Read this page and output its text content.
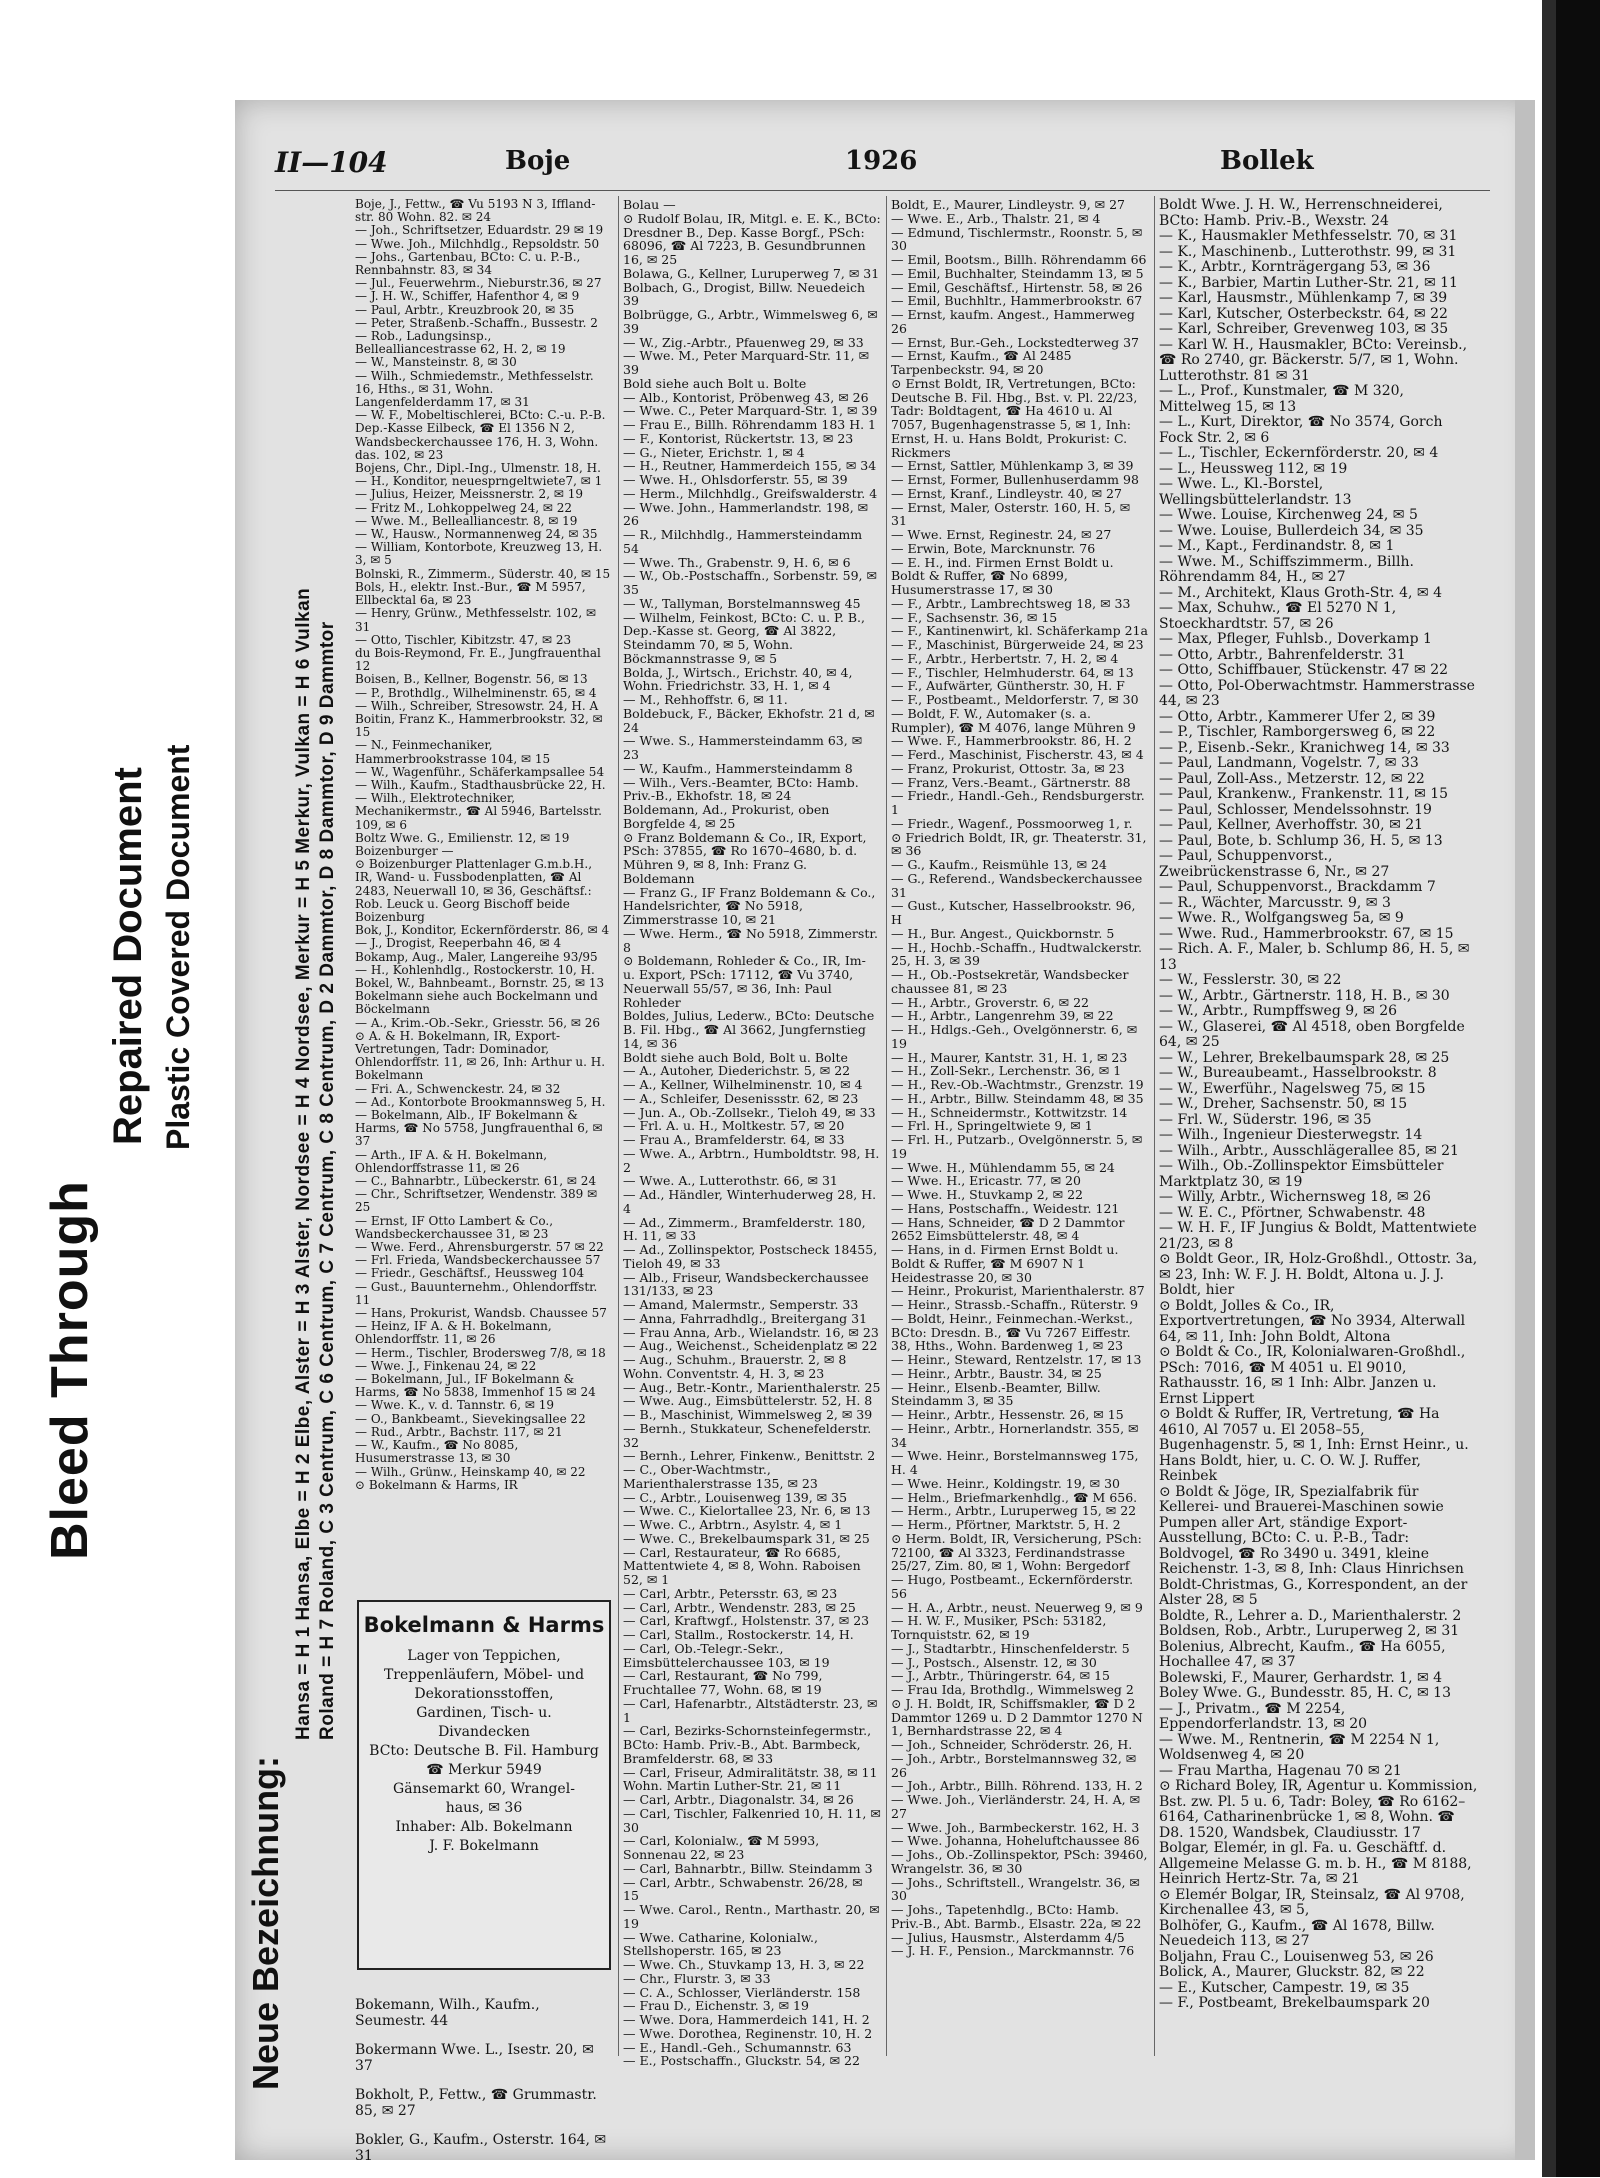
Bleed Through
Repaired Document Plastic Covered Document
II—104	Boje	1926	Bollek
Neue Bezeichnung:
Hansa = H 1 Hansa, Elbe = H 2 Elbe, Alster = H 3 Alster, Nordsee = H 4 Nordsee, Merkur = H 5 Merkur, Vulkan = H 6 Vulkan Roland = H 7 Roland, C 3 Centrum, C 6 Centrum, C 7 Centrum, C 8 Centrum, D 2 Dammtor, D 8 Dammtor, D 9 Dammtor

Boje, J., Fettw., ☎ Vu 5193 N 3, Iffland-str. 80 Wohn. 82. ✉ 24

— Joh., Schriftsetzer, Eduardstr. 29 ✉ 19

— Wwe. Joh., Milchhdlg., Repsoldstr. 50

— Johs., Gartenbau, BCto: C. u. P.-B., Rennbahnstr. 83, ✉ 34

— Jul., Feuerwehrm., Nieburstr.36, ✉ 27

— J. H. W., Schiffer, Hafenthor 4, ✉ 9

— Paul, Arbtr., Kreuzbrook 20, ✉ 35

— Peter, Straßenb.-Schaffn., Bussestr. 2

— Rob., Ladungsinsp., Bellealliancestrasse 62, H. 2, ✉ 19

— W., Mansteinstr. 8, ✉ 30

— Wilh., Schmiedemstr., Methfesselstr. 16, Hths., ✉ 31, Wohn. Langenfelderdamm 17, ✉ 31

— W. F., Mobeltischlerei, BCto: C.-u. P.-B. Dep.-Kasse Eilbeck, ☎ El 1356 N 2, Wandsbeckerchaussee 176, H. 3, Wohn. das. 102, ✉ 23

Bojens, Chr., Dipl.-Ing., Ulmenstr. 18, H.

— H., Konditor, neuesprngeltwiete7, ✉ 1

— Julius, Heizer, Meissnerstr. 2, ✉ 19

— Fritz M., Lohkoppelweg 24, ✉ 22

— Wwe. M., Bellealliancestr. 8, ✉ 19

— W., Hausw., Normannenweg 24, ✉ 35

— William, Kontorbote, Kreuzweg 13, H. 3, ✉ 5

Bolnski, R., Zimmerm., Süderstr. 40, ✉ 15

Bols, H., elektr. Inst.-Bur., ☎ M 5957, Ellbecktal 6a, ✉ 23

— Henry, Grünw., Methfesselstr. 102, ✉ 31

— Otto, Tischler, Kibitzstr. 47, ✉ 23

du Bois-Reymond, Fr. E., Jungfrauenthal 12

Boisen, B., Kellner, Bogenstr. 56, ✉ 13

— P., Brothdlg., Wilhelminenstr. 65, ✉ 4

— Wilh., Schreiber, Stresowstr. 24, H. A

Boitin, Franz K., Hammerbrookstr. 32, ✉ 15

— N., Feinmechaniker, Hammerbrookstrasse 104, ✉ 15

— W., Wagenführ., Schäferkampsallee 54

— Wilh., Kaufm., Stadthausbrücke 22, H.

— Wilh., Elektrotechniker, Mechanikermstr., ☎ Al 5946, Bartelsstr. 109, ✉ 6

Boltz Wwe. G., Emilienstr. 12, ✉ 19

Boizenburger —

⊙ Boizenburger Plattenlager G.m.b.H., IR, Wand- u. Fussbodenplatten, ☎ Al 2483, Neuerwall 10, ✉ 36, Geschäftsf.: Rob. Leuck u. Georg Bischoff beide Boizenburg

Bok, J., Konditor, Eckernförderstr. 86, ✉ 4

— J., Drogist, Reeperbahn 46, ✉ 4

Bokamp, Aug., Maler, Langereihe 93/95

— H., Kohlenhdlg., Rostockerstr. 10, H.

Bokel, W., Bahnbeamt., Bornstr. 25, ✉ 13

Bokelmann siehe auch Bockelmann und Böckelmann

— A., Krim.-Ob.-Sekr., Griesstr. 56, ✉ 26

⊙ A. & H. Bokelmann, IR, Export-Vertretungen, Tadr: Dominador, Ohlendorffstr. 11, ✉ 26, Inh: Arthur u. H. Bokelmann

— Fri. A., Schwenckestr. 24, ✉ 32

— Ad., Kontorbote Brookmannsweg 5, H.

— Bokelmann, Alb., IF Bokelmann & Harms, ☎ No 5758, Jungfrauenthal 6, ✉ 37

— Arth., IF A. & H. Bokelmann, Ohlendorffstrasse 11, ✉ 26

— C., Bahnarbtr., Lübeckerstr. 61, ✉ 24

— Chr., Schriftsetzer, Wendenstr. 389 ✉ 25

— Ernst, IF Otto Lambert & Co., Wandsbeckerchaussee 31, ✉ 23

— Wwe. Ferd., Ahrensburgerstr. 57 ✉ 22

— Frl. Frieda, Wandsbeckerchaussee 57

— Friedr., Geschäftsf., Heussweg 104

— Gust., Bauunternehm., Ohlendorffstr. 11

— Hans, Prokurist, Wandsb. Chaussee 57

— Heinz, IF A. & H. Bokelmann, Ohlendorffstr. 11, ✉ 26

— Herm., Tischler, Brodersweg 7/8, ✉ 18

— Wwe. J., Finkenau 24, ✉ 22

— Bokelmann, Jul., IF Bokelmann & Harms, ☎ No 5838, Immenhof 15 ✉ 24

— Wwe. K., v. d. Tannstr. 6, ✉ 19

— O., Bankbeamt., Sievekingsallee 22

— Rud., Arbtr., Bachstr. 117, ✉ 21

— W., Kaufm., ☎ No 8085, Husumerstrasse 13, ✉ 30

— Wilh., Grünw., Heinskamp 40, ✉ 22

⊙ Bokelmann & Harms, IR

Bolau —

⊙ Rudolf Bolau, IR, Mitgl. e. E. K., BCto: Dresdner B., Dep. Kasse Borgf., PSch: 68096, ☎ Al 7223, B. Gesundbrunnen 16, ✉ 25

Bolawa, G., Kellner, Luruperweg 7, ✉ 31

Bolbach, G., Drogist, Billw. Neuedeich 39

Bolbrügge, G., Arbtr., Wimmelsweg 6, ✉ 39

— W., Zig.-Arbtr., Pfauenweg 29, ✉ 33

— Wwe. M., Peter Marquard-Str. 11, ✉ 39

Bold siehe auch Bolt u. Bolte

— Alb., Kontorist, Pröbenweg 43, ✉ 26

— Wwe. C., Peter Marquard-Str. 1, ✉ 39

— Frau E., Billh. Röhrendamm 183 H. 1

— F., Kontorist, Rückertstr. 13, ✉ 23

— G., Nieter, Erichstr. 1, ✉ 4

— H., Reutner, Hammerdeich 155, ✉ 34

— Wwe. H., Ohlsdorferstr. 55, ✉ 39

— Herm., Milchhdlg., Greifswalderstr. 4

— Wwe. John., Hammerlandstr. 198, ✉ 26

— R., Milchhdlg., Hammersteindamm 54

— Wwe. Th., Grabenstr. 9, H. 6, ✉ 6

— W., Ob.-Postschaffn., Sorbenstr. 59, ✉ 35

— W., Tallyman, Borstelmannsweg 45

— Wilhelm, Feinkost, BCto: C. u. P. B., Dep.-Kasse st. Georg, ☎ Al 3822, Steindamm 70, ✉ 5, Wohn. Böckmannstrasse 9, ✉ 5

Bolda, J., Wirtsch., Erichstr. 40, ✉ 4, Wohn. Friedrichstr. 33, H. 1, ✉ 4

— M., Rehhoffstr. 6, ✉ 11.

Boldebuck, F., Bäcker, Ekhofstr. 21 d, ✉ 24

— Wwe. S., Hammersteindamm 63, ✉ 23

— W., Kaufm., Hammersteindamm 8

— Wilh., Vers.-Beamter, BCto: Hamb. Priv.-B., Ekhofstr. 18, ✉ 24

Boldemann, Ad., Prokurist, oben Borgfelde 4, ✉ 25

⊙ Franz Boldemann & Co., IR, Export, PSch: 37855, ☎ Ro 1670–4680, b. d. Mühren 9, ✉ 8, Inh: Franz G. Boldemann

— Franz G., IF Franz Boldemann & Co., Handelsrichter, ☎ No 5918, Zimmerstrasse 10, ✉ 21

— Wwe. Herm., ☎ No 5918, Zimmerstr. 8

⊙ Boldemann, Rohleder & Co., IR, Im- u. Export, PSch: 17112, ☎ Vu 3740, Neuerwall 55/57, ✉ 36, Inh: Paul Rohleder

Boldes, Julius, Lederw., BCto: Deutsche B. Fil. Hbg., ☎ Al 3662, Jungfernstieg 14, ✉ 36

Boldt siehe auch Bold, Bolt u. Bolte

— A., Autoher, Diederichstr. 5, ✉ 22

— A., Kellner, Wilhelminenstr. 10, ✉ 4

— A., Schleifer, Desenissstr. 62, ✉ 23

— Jun. A., Ob.-Zollsekr., Tieloh 49, ✉ 33

— Frl. A. u. H., Moltkestr. 57, ✉ 20

— Frau A., Bramfelderstr. 64, ✉ 33

— Wwe. A., Arbtrn., Humboldtstr. 98, H. 2

— Wwe. A., Lutterothstr. 66, ✉ 31

— Ad., Händler, Winterhuderweg 28, H. 4

— Ad., Zimmerm., Bramfelderstr. 180, H. 11, ✉ 33

— Ad., Zollinspektor, Postscheck 18455, Tieloh 49, ✉ 33

— Alb., Friseur, Wandsbeckerchaussee 131/133, ✉ 23

— Amand, Malermstr., Semperstr. 33

— Anna, Fahrradhdlg., Breitergang 31

— Frau Anna, Arb., Wielandstr. 16, ✉ 23

— Aug., Weichenst., Scheidenplatz ✉ 22

— Aug., Schuhm., Brauerstr. 2, ✉ 8 Wohn. Conventstr. 4, H. 3, ✉ 23

— Aug., Betr.-Kontr., Marienthalerstr. 25

— Wwe. Aug., Eimsbüttelerstr. 52, H. 8

— B., Maschinist, Wimmelsweg 2, ✉ 39

— Bernh., Stukkateur, Schenefelderstr. 32

— Bernh., Lehrer, Finkenw., Benittstr. 2

— C., Ober-Wachtmstr., Marienthalerstrasse 135, ✉ 23

— C., Arbtr., Louisenweg 139, ✉ 35

— Wwe. C., Kielortallee 23, Nr. 6, ✉ 13

— Wwe. C., Arbtrn., Asylstr. 4, ✉ 1

— Wwe. C., Brekelbaumspark 31, ✉ 25

— Carl, Restaurateur, ☎ Ro 6685, Mattentwiete 4, ✉ 8, Wohn. Raboisen 52, ✉ 1

— Carl, Arbtr., Petersstr. 63, ✉ 23

— Carl, Arbtr., Wendenstr. 283, ✉ 25

— Carl, Kraftwgf., Holstenstr. 37, ✉ 23

— Carl, Stallm., Rostockerstr. 14, H.

— Carl, Ob.-Telegr.-Sekr., Eimsbüttelerchaussee 103, ✉ 19

— Carl, Restaurant, ☎ No 799, Fruchtallee 77, Wohn. 68, ✉ 19

— Carl, Hafenarbtr., Altstädterstr. 23, ✉ 1

— Carl, Bezirks-Schornsteinfegermstr., BCto: Hamb. Priv.-B., Abt. Barmbeck, Bramfelderstr. 68, ✉ 33

— Carl, Friseur, Admiralitätstr. 38, ✉ 11 Wohn. Martin Luther-Str. 21, ✉ 11

— Carl, Arbtr., Diagonalstr. 34, ✉ 26

— Carl, Tischler, Falkenried 10, H. 11, ✉ 30

— Carl, Kolonialw., ☎ M 5993, Sonnenau 22, ✉ 23

— Carl, Bahnarbtr., Billw. Steindamm 3

— Carl, Arbtr., Schwabenstr. 26/28, ✉ 15

— Wwe. Carol., Rentn., Marthastr. 20, ✉ 19

— Wwe. Catharine, Kolonialw., Stellshoperstr. 165, ✉ 23

— Wwe. Ch., Stuvkamp 13, H. 3, ✉ 22

— Chr., Flurstr. 3, ✉ 33

— C. A., Schlosser, Vierländerstr. 158

— Frau D., Eichenstr. 3, ✉ 19

— Wwe. Dora, Hammerdeich 141, H. 2

— Wwe. Dorothea, Reginenstr. 10, H. 2

— E., Handl.-Geh., Schumannstr. 63

— E., Postschaffn., Gluckstr. 54, ✉ 22

Boldt, E., Maurer, Lindleystr. 9, ✉ 27

— Wwe. E., Arb., Thalstr. 21, ✉ 4

— Edmund, Tischlermstr., Roonstr. 5, ✉ 30

— Emil, Bootsm., Billh. Röhrendamm 66

— Emil, Buchhalter, Steindamm 13, ✉ 5

— Emil, Geschäftsf., Hirtenstr. 58, ✉ 26

— Emil, Buchhltr., Hammerbrookstr. 67

— Ernst, kaufm. Angest., Hammerweg 26

— Ernst, Bur.-Geh., Lockstedterweg 37

— Ernst, Kaufm., ☎ Al 2485 Tarpenbeckstr. 94, ✉ 20

⊙ Ernst Boldt, IR, Vertretungen, BCto: Deutsche B. Fil. Hbg., Bst. v. Pl. 22/23, Tadr: Boldtagent, ☎ Ha 4610 u. Al 7057, Bugenhagenstrasse 5, ✉ 1, Inh: Ernst, H. u. Hans Boldt, Prokurist: C. Rickmers

— Ernst, Sattler, Mühlenkamp 3, ✉ 39

— Ernst, Former, Bullenhuserdamm 98

— Ernst, Kranf., Lindleystr. 40, ✉ 27

— Ernst, Maler, Osterstr. 160, H. 5, ✉ 31

— Wwe. Ernst, Reginestr. 24, ✉ 27

— Erwin, Bote, Marcknunstr. 76

— E. H., ind. Firmen Ernst Boldt u. Boldt & Ruffer, ☎ No 6899, Husumerstrasse 17, ✉ 30

— F., Arbtr., Lambrechtsweg 18, ✉ 33

— F., Sachsenstr. 36, ✉ 15

— F., Kantinenwirt, kl. Schäferkamp 21a

— F., Maschinist, Bürgerweide 24, ✉ 23

— F., Arbtr., Herbertstr. 7, H. 2, ✉ 4

— F., Tischler, Helmhuderstr. 64, ✉ 13

— F., Aufwärter, Güntherstr. 30, H. F

— F., Postbeamt., Meldorferstr. 7, ✉ 30

— Boldt, F. W., Automaker (s. a. Rumpler), ☎ M 4076, lange Mühren 9

— Wwe. F., Hammerbrookstr. 86, H. 2

— Ferd., Maschinist, Fischerstr. 43, ✉ 4

— Franz, Prokurist, Ottostr. 3a, ✉ 23

— Franz, Vers.-Beamt., Gärtnerstr. 88

— Friedr., Handl.-Geh., Rendsburgerstr. 1

— Friedr., Wagenf., Possmoorweg 1, r.

⊙ Friedrich Boldt, IR, gr. Theaterstr. 31, ✉ 36

— G., Kaufm., Reismühle 13, ✉ 24

— G., Referend., Wandsbeckerchaussee 31

— Gust., Kutscher, Hasselbrookstr. 96, H

— H., Bur. Angest., Quickbornstr. 5

— H., Hochb.-Schaffn., Hudtwalckerstr. 25, H. 3, ✉ 39

— H., Ob.-Postsekretär, Wandsbecker chaussee 81, ✉ 23

— H., Arbtr., Groverstr. 6, ✉ 22

— H., Arbtr., Langenrehm 39, ✉ 22

— H., Hdlgs.-Geh., Ovelgönnerstr. 6, ✉ 19

— H., Maurer, Kantstr. 31, H. 1, ✉ 23

— H., Zoll-Sekr., Lerchenstr. 36, ✉ 1

— H., Rev.-Ob.-Wachtmstr., Grenzstr. 19

— H., Arbtr., Billw. Steindamm 48, ✉ 35

— H., Schneidermstr., Kottwitzstr. 14

— Frl. H., Springeltwiete 9, ✉ 1

— Frl. H., Putzarb., Ovelgönnerstr. 5, ✉ 19

— Wwe. H., Mühlendamm 55, ✉ 24

— Wwe. H., Ericastr. 77, ✉ 20

— Wwe. H., Stuvkamp 2, ✉ 22

— Hans, Postschaffn., Weidestr. 121

— Hans, Schneider, ☎ D 2 Dammtor 2652 Eimsbüttelerstr. 48, ✉ 4

— Hans, in d. Firmen Ernst Boldt u. Boldt & Ruffer, ☎ M 6907 N 1 Heidestrasse 20, ✉ 30

— Heinr., Prokurist, Marienthalerstr. 87

— Heinr., Strassb.-Schaffn., Rüterstr. 9

— Boldt, Heinr., Feinmechan.-Werkst., BCto: Dresdn. B., ☎ Vu 7267 Eiffestr. 38, Hths., Wohn. Bardenweg 1, ✉ 23

— Heinr., Steward, Rentzelstr. 17, ✉ 13

— Heinr., Arbtr., Baustr. 34, ✉ 25

— Heinr., Elsenb.-Beamter, Billw. Steindamm 3, ✉ 35

— Heinr., Arbtr., Hessenstr. 26, ✉ 15

— Heinr., Arbtr., Hornerlandstr. 355, ✉ 34

— Wwe. Heinr., Borstelmannsweg 175, H. 4

— Wwe. Heinr., Koldingstr. 19, ✉ 30

— Helm., Briefmarkenhdlg., ☎ M 656.

— Herm., Arbtr., Luruperweg 15, ✉ 22

— Herm., Pförtner, Marktstr. 5, H. 2

⊙ Herm. Boldt, IR, Versicherung, PSch: 72100, ☎ Al 3323, Ferdinandstrasse 25/27, Zim. 80, ✉ 1, Wohn: Bergedorf

— Hugo, Postbeamt., Eckernförderstr. 56

— H. A., Arbtr., neust. Neuerweg 9, ✉ 9

— H. W. F., Musiker, PSch: 53182, Tornquiststr. 62, ✉ 19

— J., Stadtarbtr., Hinschenfelderstr. 5

— J., Postsch., Alsenstr. 12, ✉ 30

— J., Arbtr., Thüringerstr. 64, ✉ 15

— Frau Ida, Brothdlg., Wimmelsweg 2

⊙ J. H. Boldt, IR, Schiffsmakler, ☎ D 2 Dammtor 1269 u. D 2 Dammtor 1270 N 1, Bernhardstrasse 22, ✉ 4

— Joh., Schneider, Schröderstr. 26, H.

— Joh., Arbtr., Borstelmannsweg 32, ✉ 26

— Joh., Arbtr., Billh. Röhrend. 133, H. 2

— Wwe. Joh., Vierländerstr. 24, H. A, ✉ 27

— Wwe. Joh., Barmbeckerstr. 162, H. 3

— Wwe. Johanna, Hoheluftchaussee 86

— Johs., Ob.-Zollinspektor, PSch: 39460, Wrangelstr. 36, ✉ 30

— Johs., Schriftstell., Wrangelstr. 36, ✉ 30

— Johs., Tapetenhdlg., BCto: Hamb. Priv.-B., Abt. Barmb., Elsastr. 22a, ✉ 22

— Julius, Hausmstr., Alsterdamm 4/5

— J. H. F., Pension., Marckmannstr. 76

Boldt Wwe. J. H. W., Herrenschneiderei, BCto: Hamb. Priv.-B., Wexstr. 24

— K., Hausmakler Methfesselstr. 70, ✉ 31

— K., Maschinenb., Lutterothstr. 99, ✉ 31

— K., Arbtr., Kornträgergang 53, ✉ 36

— K., Barbier, Martin Luther-Str. 21, ✉ 11

— Karl, Hausmstr., Mühlenkamp 7, ✉ 39

— Karl, Kutscher, Osterbeckstr. 64, ✉ 22

— Karl, Schreiber, Grevenweg 103, ✉ 35

— Karl W. H., Hausmakler, BCto: Vereinsb., ☎ Ro 2740, gr. Bäckerstr. 5/7, ✉ 1, Wohn. Lutterothstr. 81 ✉ 31

— L., Prof., Kunstmaler, ☎ M 320, Mittelweg 15, ✉ 13

— L., Kurt, Direktor, ☎ No 3574, Gorch Fock Str. 2, ✉ 6

— L., Tischler, Eckernförderstr. 20, ✉ 4

— L., Heussweg 112, ✉ 19

— Wwe. L., Kl.-Borstel, Wellingsbüttelerlandstr. 13

— Wwe. Louise, Kirchenweg 24, ✉ 5

— Wwe. Louise, Bullerdeich 34, ✉ 35

— M., Kapt., Ferdinandstr. 8, ✉ 1

— Wwe. M., Schiffszimmerm., Billh. Röhrendamm 84, H., ✉ 27

— M., Architekt, Klaus Groth-Str. 4, ✉ 4

— Max, Schuhw., ☎ El 5270 N 1, Stoeckhardtstr. 57, ✉ 26

— Max, Pfleger, Fuhlsb., Doverkamp 1

— Otto, Arbtr., Bahrenfelderstr. 31

— Otto, Schiffbauer, Stückenstr. 47 ✉ 22

— Otto, Pol-Oberwachtmstr. Hammerstrasse 44, ✉ 23

— Otto, Arbtr., Kammerer Ufer 2, ✉ 39

— P., Tischler, Ramborgersweg 6, ✉ 22

— P., Eisenb.-Sekr., Kranichweg 14, ✉ 33

— Paul, Landmann, Vogelstr. 7, ✉ 33

— Paul, Zoll-Ass., Metzerstr. 12, ✉ 22

— Paul, Krankenw., Frankenstr. 11, ✉ 15

— Paul, Schlosser, Mendelssohnstr. 19

— Paul, Kellner, Averhoffstr. 30, ✉ 21

— Paul, Bote, b. Schlump 36, H. 5, ✉ 13

— Paul, Schuppenvorst., Zweibrückenstrasse 6, Nr., ✉ 27

— Paul, Schuppenvorst., Brackdamm 7

— R., Wächter, Marcusstr. 9, ✉ 3

— Wwe. R., Wolfgangsweg 5a, ✉ 9

— Wwe. Rud., Hammerbrookstr. 67, ✉ 15

— Rich. A. F., Maler, b. Schlump 86, H. 5, ✉ 13

— W., Fesslerstr. 30, ✉ 22

— W., Arbtr., Gärtnerstr. 118, H. B., ✉ 30

— W., Arbtr., Rumpffsweg 9, ✉ 26

— W., Glaserei, ☎ Al 4518, oben Borgfelde 64, ✉ 25

— W., Lehrer, Brekelbaumspark 28, ✉ 25

— W., Bureaubeamt., Hasselbrookstr. 8

— W., Ewerführ., Nagelsweg 75, ✉ 15

— W., Dreher, Sachsenstr. 50, ✉ 15

— Frl. W., Süderstr. 196, ✉ 35

— Wilh., Ingenieur Diesterwegstr. 14

— Wilh., Arbtr., Ausschlägerallee 85, ✉ 21

— Wilh., Ob.-Zollinspektor Eimsbütteler Marktplatz 30, ✉ 19

— Willy, Arbtr., Wichernsweg 18, ✉ 26

— W. E. C., Pförtner, Schwabenstr. 48

— W. H. F., IF Jungius & Boldt, Mattentwiete 21/23, ✉ 8

⊙ Boldt Geor., IR, Holz-Großhdl., Ottostr. 3a, ✉ 23, Inh: W. F. J. H. Boldt, Altona u. J. J. Boldt, hier

⊙ Boldt, Jolles & Co., IR, Exportvertretungen, ☎ No 3934, Alterwall 64, ✉ 11, Inh: John Boldt, Altona

⊙ Boldt & Co., IR, Kolonialwaren-Großhdl., PSch: 7016, ☎ M 4051 u. El 9010, Rathausstr. 16, ✉ 1 Inh: Albr. Janzen u. Ernst Lippert

⊙ Boldt & Ruffer, IR, Vertretung, ☎ Ha 4610, Al 7057 u. El 2058–55, Bugenhagenstr. 5, ✉ 1, Inh: Ernst Heinr., u. Hans Boldt, hier, u. C. O. W. J. Ruffer, Reinbek

⊙ Boldt & Jöge, IR, Spezialfabrik für Kellerei- und Brauerei-Maschinen sowie Pumpen aller Art, ständige Export-Ausstellung, BCto: C. u. P.-B., Tadr: Boldvogel, ☎ Ro 3490 u. 3491, kleine Reichenstr. 1-3, ✉ 8, Inh: Claus Hinrichsen

Boldt-Christmas, G., Korrespondent, an der Alster 28, ✉ 5

Boldte, R., Lehrer a. D., Marienthalerstr. 2

Boldsen, Rob., Arbtr., Luruperweg 2, ✉ 31

Bolenius, Albrecht, Kaufm., ☎ Ha 6055, Hochallee 47, ✉ 37

Bolewski, F., Maurer, Gerhardstr. 1, ✉ 4

Boley Wwe. G., Bundesstr. 85, H. C, ✉ 13

— J., Privatm., ☎ M 2254, Eppendorferlandstr. 13, ✉ 20

— Wwe. M., Rentnerin, ☎ M 2254 N 1, Woldsenweg 4, ✉ 20

— Frau Martha, Hagenau 70 ✉ 21

⊙ Richard Boley, IR, Agentur u. Kommission, Bst. zw. Pl. 5 u. 6, Tadr: Boley, ☎ Ro 6162–6164, Catharinenbrücke 1, ✉ 8, Wohn. ☎ D8. 1520, Wandsbek, Claudiusstr. 17

Bolgar, Elemér, in gl. Fa. u. Geschäftf. d. Allgemeine Melasse G. m. b. H., ☎ M 8188, Heinrich Hertz-Str. 7a, ✉ 21

⊙ Elemér Bolgar, IR, Steinsalz, ☎ Al 9708, Kirchenallee 43, ✉ 5,

Bolhöfer, G., Kaufm., ☎ Al 1678, Billw. Neuedeich 113, ✉ 27

Boljahn, Frau C., Louisenweg 53, ✉ 26

Bolick, A., Maurer, Gluckstr. 82, ✉ 22

— E., Kutscher, Campestr. 19, ✉ 35

— F., Postbeamt, Brekelbaumspark 20

Bokelmann & Harms
Lager von Teppichen,
Treppenläufern, Möbel- und
Dekorationsstoffen,
Gardinen, Tisch- u.
Divandecken
BCto: Deutsche B. Fil. Hamburg
☎ Merkur 5949
Gänsemarkt 60, Wrangel-
haus, ✉ 36
Inhaber: Alb. Bokelmann
J. F. Bokelmann

Bokemann, Wilh., Kaufm., Seumestr. 44

Bokermann Wwe. L., Isestr. 20, ✉ 37

Bokholt, P., Fettw., ☎ Grummastr. 85, ✉ 27

Bokler, G., Kaufm., Osterstr. 164, ✉ 31
